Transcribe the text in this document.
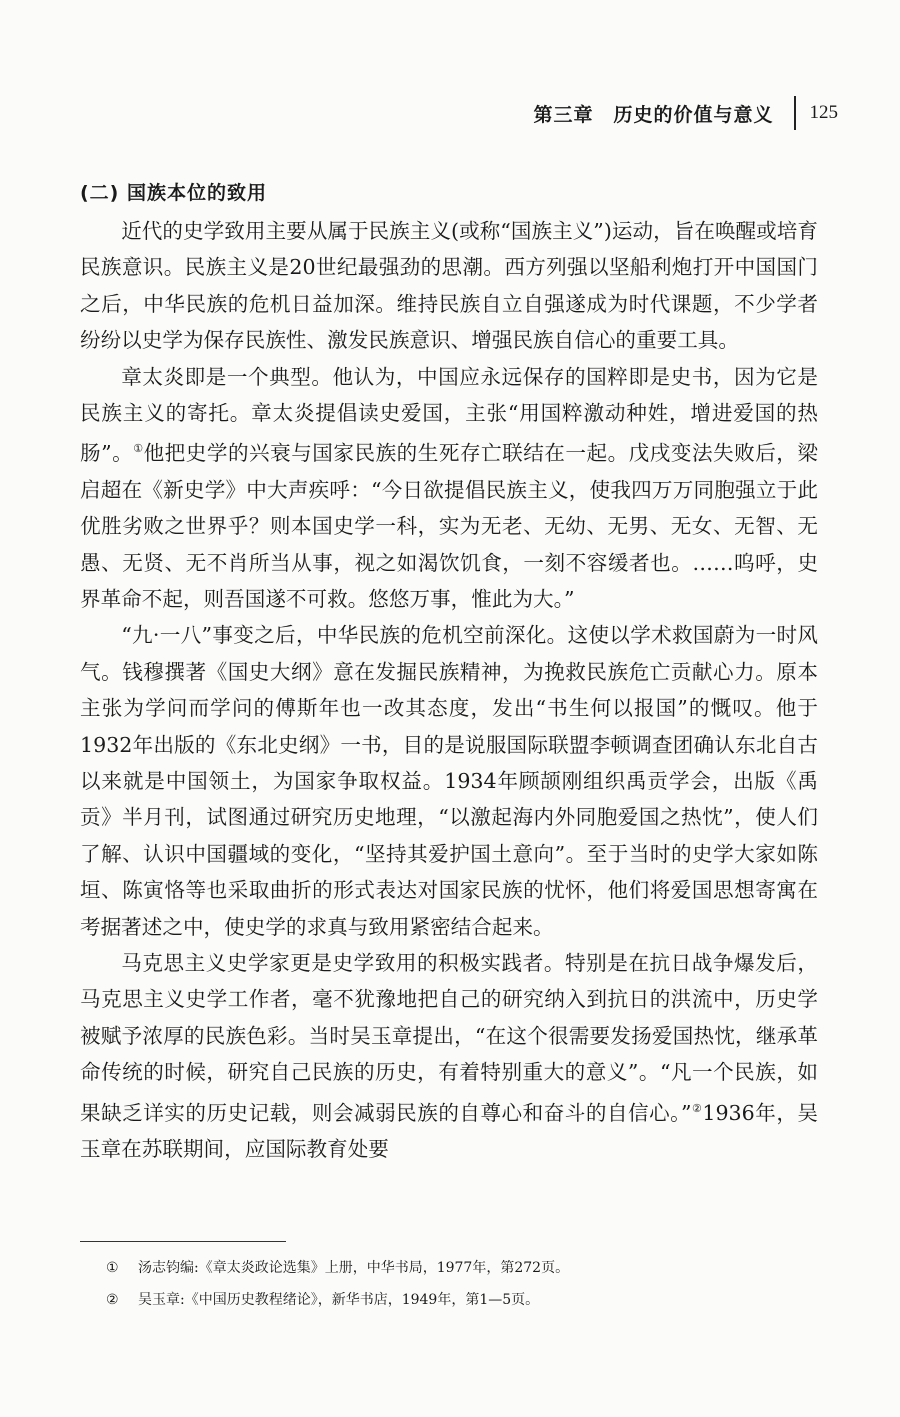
第三章　历史的价值与意义 125
(二) 国族本位的致用

近代的史学致用主要从属于民族主义(或称“国族主义”)运动，旨在唤醒或培育民族意识。民族主义是20世纪最强劲的思潮。西方列强以坚船利炮打开中国国门之后，中华民族的危机日益加深。维持民族自立自强遂成为时代课题，不少学者纷纷以史学为保存民族性、激发民族意识、增强民族自信心的重要工具。

章太炎即是一个典型。他认为，中国应永远保存的国粹即是史书，因为它是民族主义的寄托。章太炎提倡读史爱国，主张“用国粹激动种姓，增进爱国的热肠”。①他把史学的兴衰与国家民族的生死存亡联结在一起。戊戌变法失败后，梁启超在《新史学》中大声疾呼：“今日欲提倡民族主义，使我四万万同胞强立于此优胜劣败之世界乎？则本国史学一科，实为无老、无幼、无男、无女、无智、无愚、无贤、无不肖所当从事，视之如渴饮饥食，一刻不容缓者也。……呜呼，史界革命不起，则吾国遂不可救。悠悠万事，惟此为大。”

“九·一八”事变之后，中华民族的危机空前深化。这使以学术救国蔚为一时风气。钱穆撰著《国史大纲》意在发掘民族精神，为挽救民族危亡贡献心力。原本主张为学问而学问的傅斯年也一改其态度，发出“书生何以报国”的慨叹。他于1932年出版的《东北史纲》一书，目的是说服国际联盟李顿调查团确认东北自古以来就是中国领土，为国家争取权益。1934年顾颉刚组织禹贡学会，出版《禹贡》半月刊，试图通过研究历史地理，“以激起海内外同胞爱国之热忱”，使人们了解、认识中国疆域的变化，“坚持其爱护国土意向”。至于当时的史学大家如陈垣、陈寅恪等也采取曲折的形式表达对国家民族的忧怀，他们将爱国思想寄寓在考据著述之中，使史学的求真与致用紧密结合起来。

马克思主义史学家更是史学致用的积极实践者。特别是在抗日战争爆发后，马克思主义史学工作者，毫不犹豫地把自己的研究纳入到抗日的洪流中，历史学被赋予浓厚的民族色彩。当时吴玉章提出，“在这个很需要发扬爱国热忱，继承革命传统的时候，研究自己民族的历史，有着特别重大的意义”。“凡一个民族，如果缺乏详实的历史记载，则会减弱民族的自尊心和奋斗的自信心。”②1936年，吴玉章在苏联期间，应国际教育处要

① 汤志钧编:《章太炎政论选集》上册，中华书局，1977年，第272页。

② 吴玉章:《中国历史教程绪论》，新华书店，1949年，第1—5页。
